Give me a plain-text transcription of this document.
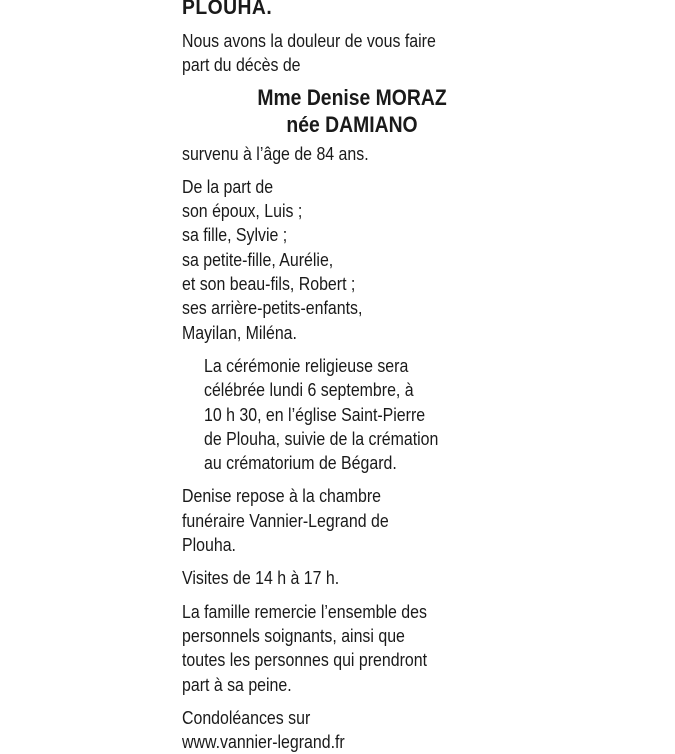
PLOUHA.

Nous avons la douleur de vous faire

part du décès de

Mme Denise MORAZ
née DAMIANO

survenu à l’âge de 84 ans.

De la part de

son époux, Luis ;

sa fille, Sylvie ;

sa petite-fille, Aurélie,

et son beau-fils, Robert ;

ses arrière-petits-enfants,

Mayilan, Miléna.

La cérémonie religieuse sera

célébrée lundi 6 septembre, à

10 h 30, en l’église Saint-Pierre

de Plouha, suivie de la crémation

au crématorium de Bégard.

Denise repose à la chambre

funéraire Vannier-Legrand de

Plouha.

Visites de 14 h à 17 h.

La famille remercie l’ensemble des

personnels soignants, ainsi que

toutes les personnes qui prendront

part à sa peine.

Condoléances sur

www.vannier-legrand.fr
